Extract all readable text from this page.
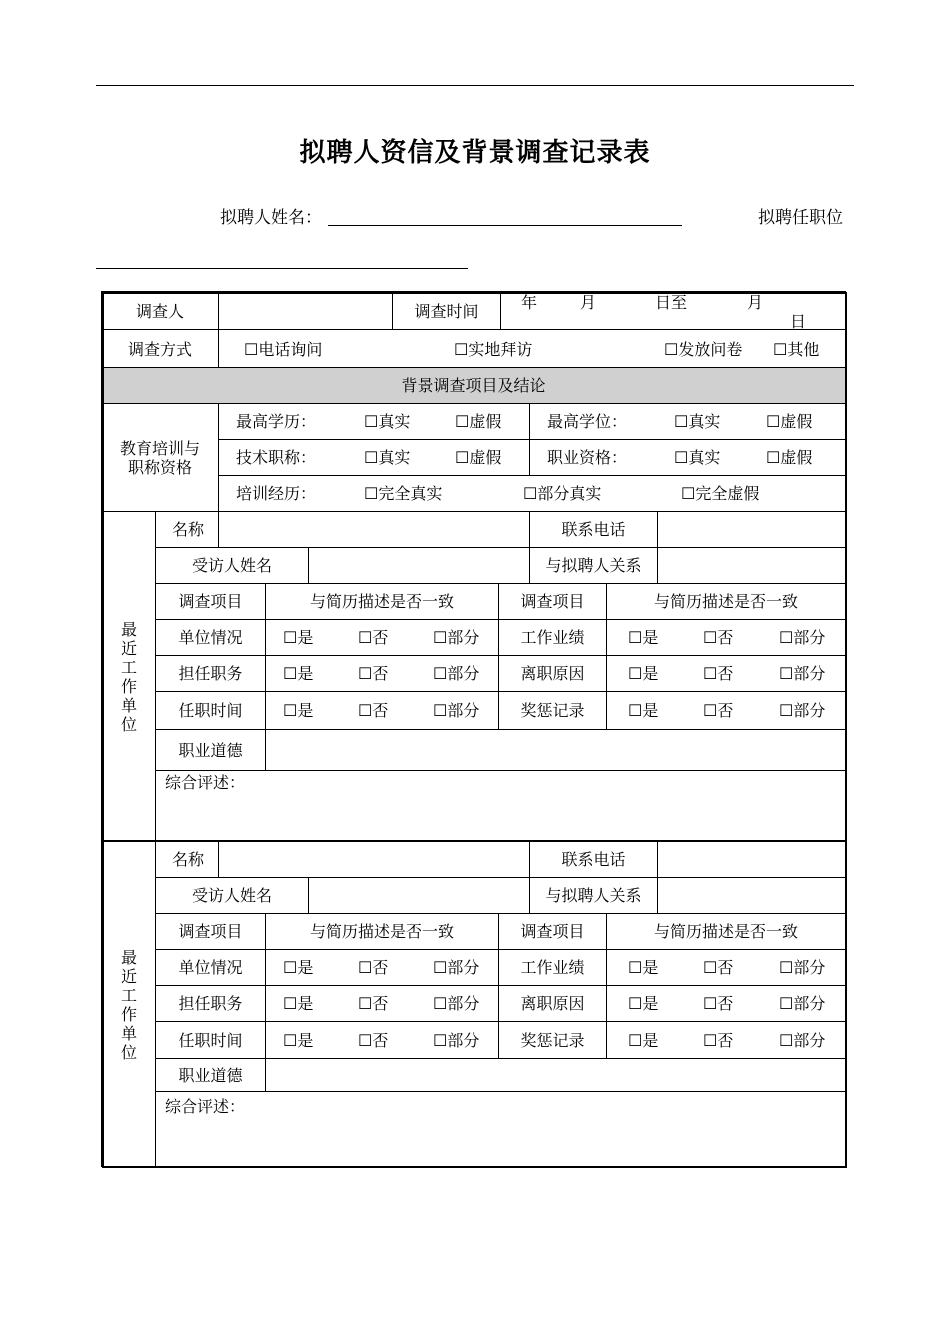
拟聘人资信及背景调查记录表
拟聘人姓名：	拟聘任职位
调查人	调查时间	年	月	日至	月
日
调查方式	☐电话询问	☐实地拜访	☐发放问卷 ☐其他
背景调查项目及结论
教育培训与
职称资格
最高学历：	☐真实	☐虚假	最高学位：	☐真实	☐虚假
技术职称：	☐真实	☐虚假	职业资格：	☐真实	☐虚假
培训经历：	☐完全真实	☐部分真实	☐完全虚假
最
近
工
作
单
位
名称	联系电话
受访人姓名	与拟聘人关系
调查项目	与简历描述是否一致	调查项目	与简历描述是否一致
单位情况	☐是	☐否	☐部分	工作业绩	☐是	☐否	☐部分
担任职务	☐是	☐否	☐部分	离职原因	☐是	☐否	☐部分
任职时间	☐是	☐否	☐部分	奖惩记录	☐是	☐否	☐部分
职业道德
综合评述：
最
近
工
作
单
位
名称	联系电话
受访人姓名	与拟聘人关系
调查项目	与简历描述是否一致	调查项目	与简历描述是否一致
单位情况	☐是	☐否	☐部分	工作业绩	☐是	☐否	☐部分
担任职务	☐是	☐否	☐部分	离职原因	☐是	☐否	☐部分
任职时间	☐是	☐否	☐部分	奖惩记录	☐是	☐否	☐部分
职业道德
综合评述：
